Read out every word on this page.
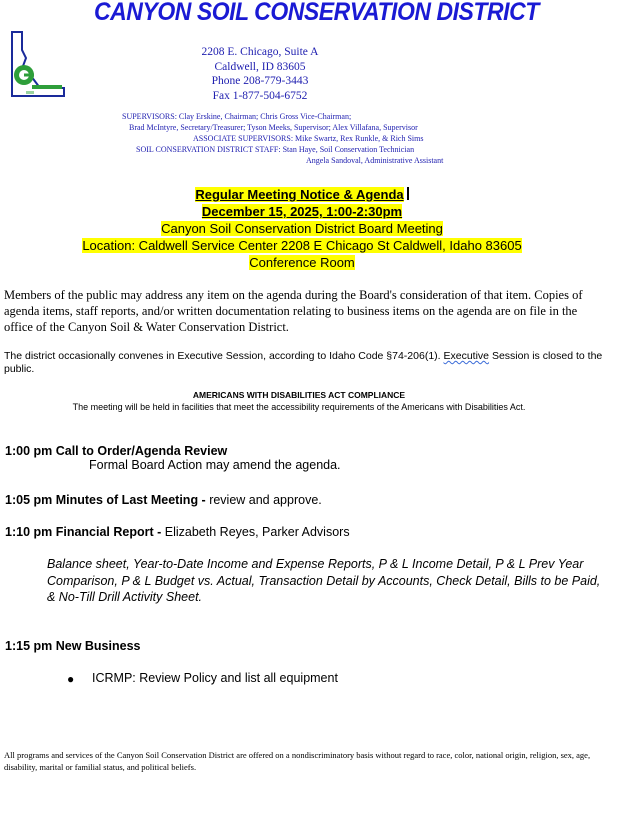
CANYON SOIL CONSERVATION DISTRICT
2208 E. Chicago, Suite A
Caldwell, ID 83605
Phone 208-779-3443
Fax 1-877-504-6752
SUPERVISORS: Clay Erskine, Chairman; Chris Gross Vice-Chairman;
Brad McIntyre, Secretary/Treasurer; Tyson Meeks, Supervisor; Alex Villafana, Supervisor
ASSOCIATE SUPERVISORS: Mike Swartz, Rex Runkle, & Rich Sims
SOIL CONSERVATION DISTRICT STAFF: Stan Haye, Soil Conservation Technician
Angela Sandoval, Administrative Assistant
Regular Meeting Notice & Agenda
December 15, 2025, 1:00-2:30pm
Canyon Soil Conservation District Board Meeting
Location: Caldwell Service Center 2208 E Chicago St Caldwell, Idaho 83605
Conference Room
Members of the public may address any item on the agenda during the Board's consideration of that item. Copies of agenda items, staff reports, and/or written documentation relating to business items on the agenda are on file in the office of the Canyon Soil & Water Conservation District.
The district occasionally convenes in Executive Session, according to Idaho Code §74-206(1). Executive Session is closed to the public.
AMERICANS WITH DISABILITIES ACT COMPLIANCE
The meeting will be held in facilities that meet the accessibility requirements of the Americans with Disabilities Act.
1:00 pm Call to Order/Agenda Review
Formal Board Action may amend the agenda.
1:05 pm Minutes of Last Meeting - review and approve.
1:10 pm Financial Report - Elizabeth Reyes, Parker Advisors
Balance sheet, Year-to-Date Income and Expense Reports, P & L Income Detail, P & L Prev Year Comparison, P & L Budget vs. Actual, Transaction Detail by Accounts, Check Detail, Bills to be Paid, & No-Till Drill Activity Sheet.
1:15 pm New Business
● ICRMP: Review Policy and list all equipment
All programs and services of the Canyon Soil Conservation District are offered on a nondiscriminatory basis without regard to race, color, national origin, religion, sex, age, disability, marital or familial status, and political beliefs.
